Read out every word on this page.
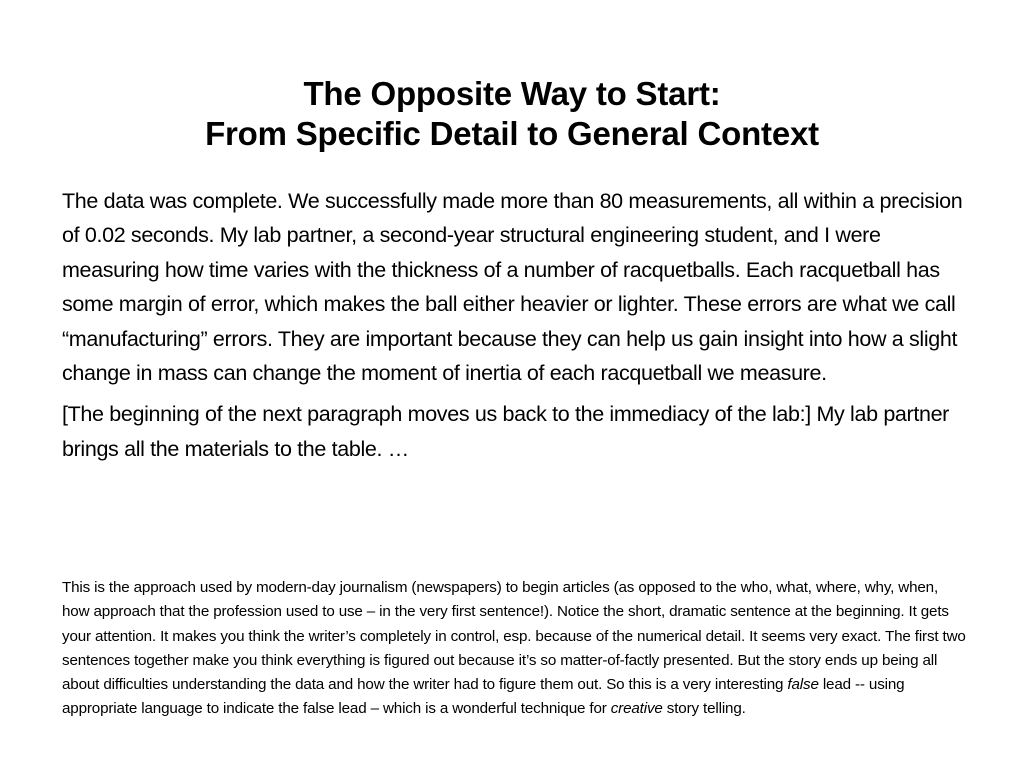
The Opposite Way to Start:
From Specific Detail to General Context

The data was complete. We successfully made more than 80 measurements, all within a precision of 0.02 seconds. My lab partner, a second-year structural engineering student, and I were measuring how time varies with the thickness of a number of racquetballs. Each racquetball has some margin of error, which makes the ball either heavier or lighter. These errors are what we call “manufacturing” errors. They are important because they can help us gain insight into how a slight change in mass can change the moment of inertia of each racquetball we measure.

[The beginning of the next paragraph moves us back to the immediacy of the lab:] My lab partner brings all the materials to the table. …

This is the approach used by modern-day journalism (newspapers) to begin articles (as opposed to the who, what, where, why, when, how approach that the profession used to use – in the very first sentence!). Notice the short, dramatic sentence at the beginning. It gets your attention. It makes you think the writer’s completely in control, esp. because of the numerical detail. It seems very exact. The first two sentences together make you think everything is figured out because it’s so matter-of-factly presented. But the story ends up being all about difficulties understanding the data and how the writer had to figure them out. So this is a very interesting false lead -- using appropriate language to indicate the false lead – which is a wonderful technique for creative story telling.
